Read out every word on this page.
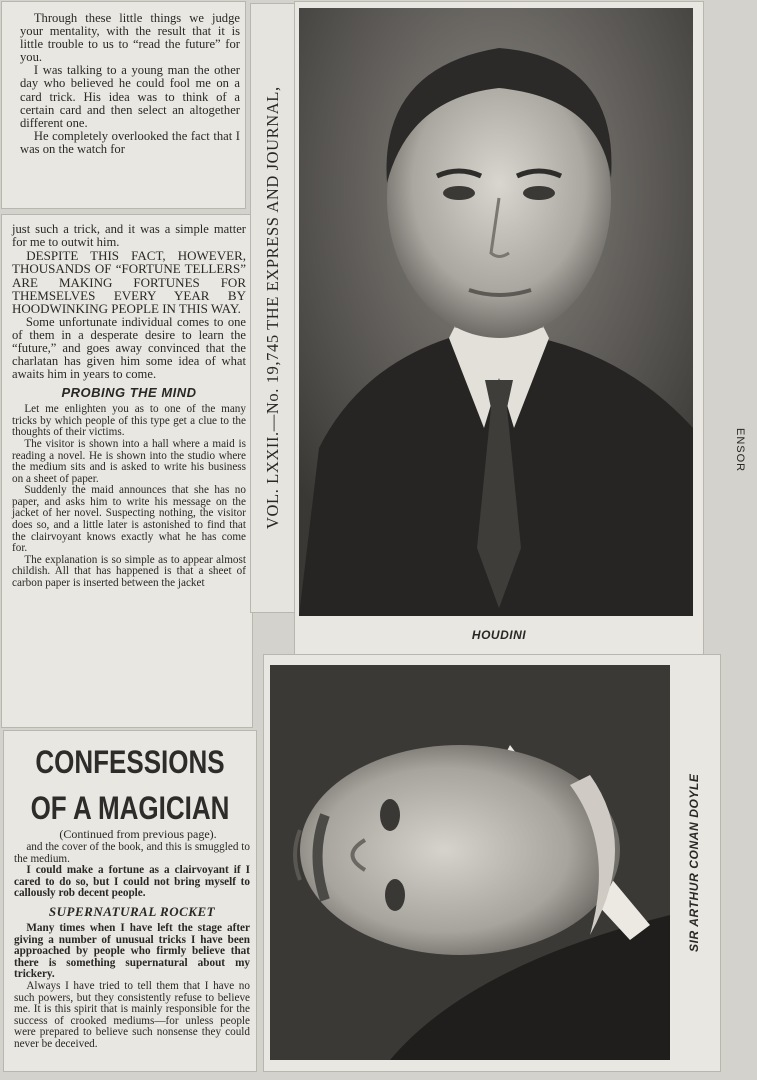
Through these little things we judge your mentality, with the result that it is little trouble to us to “read the future” for you.

I was talking to a young man the other day who believed he could fool me on a card trick. His idea was to think of a certain card and then select an altogether different one.

He completely overlooked the fact that I was on the watch for

just such a trick, and it was a simple matter for me to outwit him.

DESPITE THIS FACT, HOWEVER, THOUSANDS OF “FORTUNE TELLERS” ARE MAKING FORTUNES FOR THEMSELVES EVERY YEAR BY HOODWINKING PEOPLE IN THIS WAY.

Some unfortunate individual comes to one of them in a desperate desire to learn the “future,” and goes away convinced that the charlatan has given him some idea of what awaits him in years to come.

PROBING THE MIND

Let me enlighten you as to one of the many tricks by which people of this type get a clue to the thoughts of their victims.

The visitor is shown into a hall where a maid is reading a novel. He is shown into the studio where the medium sits and is asked to write his business on a sheet of paper.

Suddenly the maid announces that she has no paper, and asks him to write his message on the jacket of her novel. Suspecting nothing, the visitor does so, and a little later is astonished to find that the clairvoyant knows exactly what he has come for.

The explanation is so simple as to appear almost childish. All that has happened is that a sheet of carbon paper is inserted between the jacket

VOL. LXXII.—No. 19,745 THE EXPRESS AND JOURNAL,
HOUDINI
ENSOR
CONFESSIONS OF A MAGICIAN
(Continued from previous page).

and the cover of the book, and this is smuggled to the medium.

I could make a fortune as a clairvoyant if I cared to do so, but I could not bring myself to callously rob decent people.

SUPERNATURAL ROCKET

Many times when I have left the stage after giving a number of unusual tricks I have been approached by people who firmly believe that there is something supernatural about my trickery.

Always I have tried to tell them that I have no such powers, but they consistently refuse to believe me. It is this spirit that is mainly responsible for the success of crooked mediums—for unless people were prepared to believe such nonsense they could never be deceived.

SIR ARTHUR CONAN DOYLE
